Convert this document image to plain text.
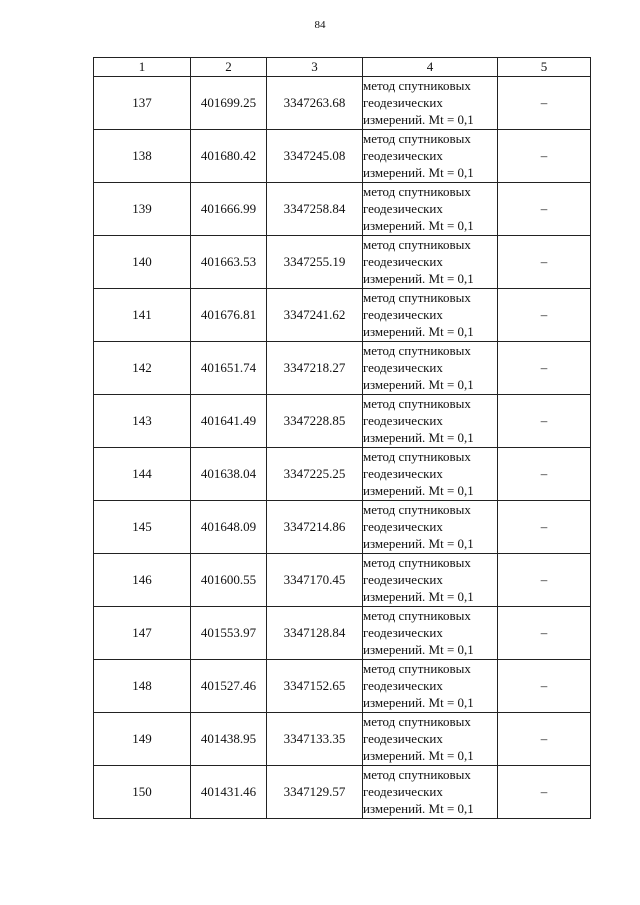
84
1	2	3	4	5
137	401699.25	3347263.68	метод спутниковых
геодезических
измерений. Mt = 0,1	–
138	401680.42	3347245.08	метод спутниковых
геодезических
измерений. Mt = 0,1	–
139	401666.99	3347258.84	метод спутниковых
геодезических
измерений. Mt = 0,1	–
140	401663.53	3347255.19	метод спутниковых
геодезических
измерений. Mt = 0,1	–
141	401676.81	3347241.62	метод спутниковых
геодезических
измерений. Mt = 0,1	–
142	401651.74	3347218.27	метод спутниковых
геодезических
измерений. Mt = 0,1	–
143	401641.49	3347228.85	метод спутниковых
геодезических
измерений. Mt = 0,1	–
144	401638.04	3347225.25	метод спутниковых
геодезических
измерений. Mt = 0,1	–
145	401648.09	3347214.86	метод спутниковых
геодезических
измерений. Mt = 0,1	–
146	401600.55	3347170.45	метод спутниковых
геодезических
измерений. Mt = 0,1	–
147	401553.97	3347128.84	метод спутниковых
геодезических
измерений. Mt = 0,1	–
148	401527.46	3347152.65	метод спутниковых
геодезических
измерений. Mt = 0,1	–
149	401438.95	3347133.35	метод спутниковых
геодезических
измерений. Mt = 0,1	–
150	401431.46	3347129.57	метод спутниковых
геодезических
измерений. Mt = 0,1	–
